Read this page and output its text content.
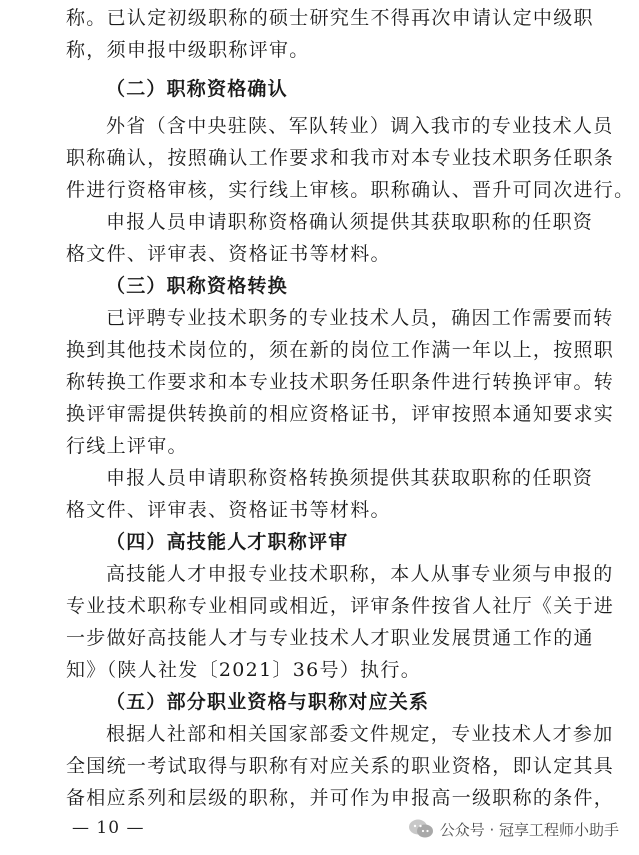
称。已认定初级职称的硕士研究生不得再次申请认定中级职
称，须申报中级职称评审。
（二）职称资格确认
外省（含中央驻陕、军队转业）调入我市的专业技术人员
职称确认，按照确认工作要求和我市对本专业技术职务任职条
件进行资格审核，实行线上审核。职称确认、晋升可同次进行。
申报人员申请职称资格确认须提供其获取职称的任职资
格文件、评审表、资格证书等材料。
（三）职称资格转换
已评聘专业技术职务的专业技术人员，确因工作需要而转
换到其他技术岗位的，须在新的岗位工作满一年以上，按照职
称转换工作要求和本专业技术职务任职条件进行转换评审。转
换评审需提供转换前的相应资格证书，评审按照本通知要求实
行线上评审。
申报人员申请职称资格转换须提供其获取职称的任职资
格文件、评审表、资格证书等材料。
（四）高技能人才职称评审
高技能人才申报专业技术职称，本人从事专业须与申报的
专业技术职称专业相同或相近，评审条件按省人社厅《关于进
一步做好高技能人才与专业技术人才职业发展贯通工作的通
知》（陕人社发〔2021〕36号）执行。
（五）部分职业资格与职称对应关系
根据人社部和相关国家部委文件规定，专业技术人才参加
全国统一考试取得与职称有对应关系的职业资格，即认定其具
备相应系列和层级的职称，并可作为申报高一级职称的条件，
— 10 —	公众号 · 冠享工程师小助手
